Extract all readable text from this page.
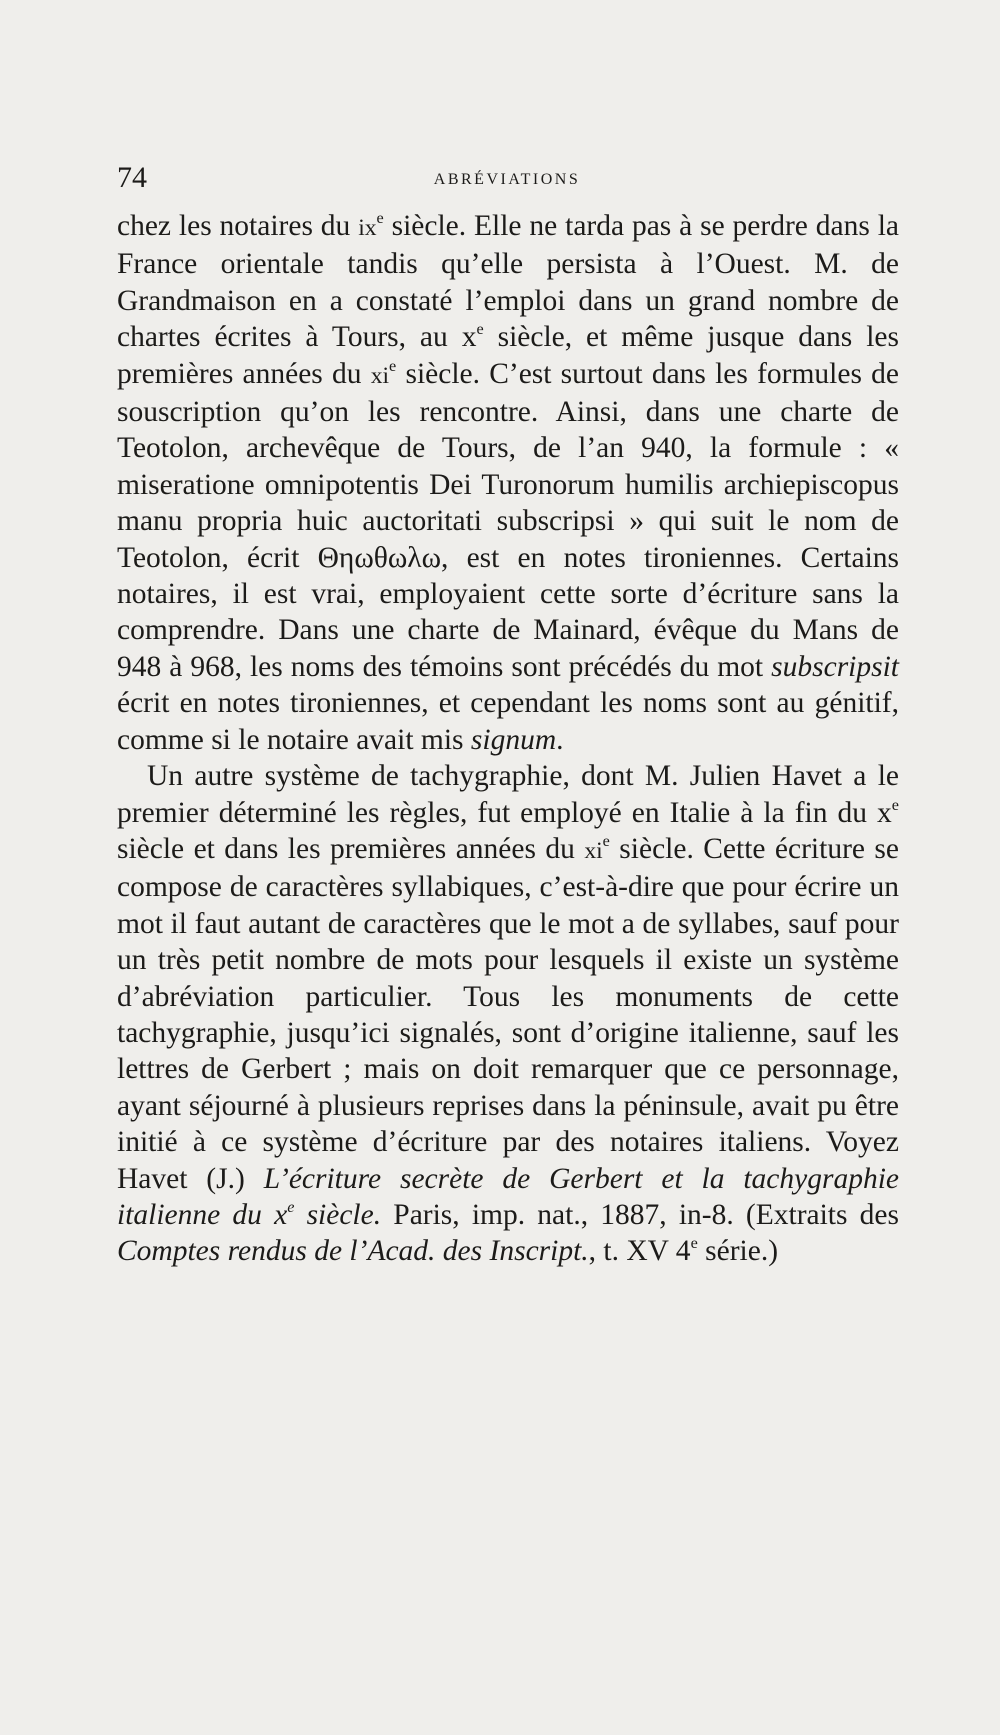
74	ABRÉVIATIONS

chez les notaires du $ix^e$ siècle. Elle ne tarda pas à se perdre dans la France orientale tandis qu’elle persista à l’Ouest. M. de Grandmaison en a constaté l’emploi dans un grand nombre de chartes écrites à Tours, au $x^e$ siècle, et même jusque dans les premières années du $xi^e$ siècle. C’est surtout dans les formules de souscription qu’on les rencontre. Ainsi, dans une charte de Teotolon, archevêque de Tours, de l’an 940, la formule : « miseratione omnipotentis Dei Turonorum humilis archiepiscopus manu propria huic auctoritati subscripsi » qui suit le nom de Teotolon, écrit Θηωθωλω, est en notes tironiennes. Certains notaires, il est vrai, employaient cette sorte d’écriture sans la comprendre. Dans une charte de Mainard, évêque du Mans de 948 à 968, les noms des témoins sont précédés du mot subscripsit écrit en notes tironiennes, et cependant les noms sont au génitif, comme si le notaire avait mis signum.

Un autre système de tachygraphie, dont M. Julien Havet a le premier déterminé les règles, fut employé en Italie à la fin du $x^e$ siècle et dans les premières années du $xi^e$ siècle. Cette écriture se compose de caractères syllabiques, c’est-à-dire que pour écrire un mot il faut autant de caractères que le mot a de syllabes, sauf pour un très petit nombre de mots pour lesquels il existe un système d’abréviation particulier. Tous les monuments de cette tachygraphie, jusqu’ici signalés, sont d’origine italienne, sauf les lettres de Gerbert ; mais on doit remarquer que ce personnage, ayant séjourné à plusieurs reprises dans la péninsule, avait pu être initié à ce système d’écriture par des notaires italiens. Voyez Havet (J.) L’écriture secrète de Gerbert et la tachygraphie italienne du $x^e$ siècle. Paris, imp. nat., 1887, in-8. (Extraits des Comptes rendus de l’Acad. des Inscript., t. XV 4e série.)
